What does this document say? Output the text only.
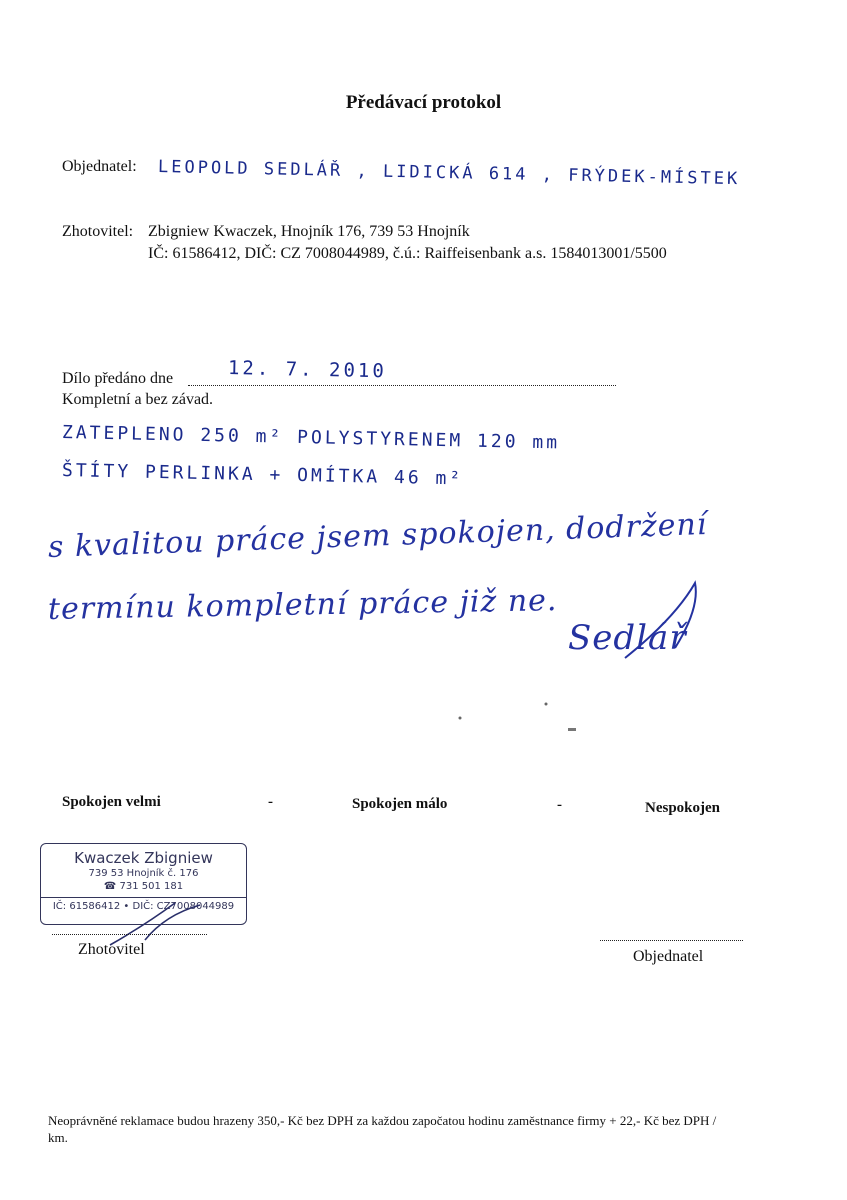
Předávací protokol
Objednatel: LEOPOLD SEDLÁŘ , LIDICKÁ 614 , FRÝDEK-MÍSTEK
Zhotovitel: Zbigniew Kwaczek, Hnojník 176, 739 53 Hnojník
IČ: 61586412, DIČ: CZ 7008044989, č.ú.: Raiffeisenbank a.s. 1584013001/5500
Dílo předáno dne	12. 7. 2010
Kompletní a bez závad.
ZATEPLENO 250 m² POLYSTYRENEM 120 mm
ŠTÍTY PERLINKA + OMÍTKA 46 m²
s kvalitou práce jsem spokojen, dodržení
termínu kompletní práce již ne.
Sedlář
Spokojen velmi	-	Spokojen málo	-	Nespokojen
Kwaczek Zbigniew
739 53 Hnojník č. 176
☎ 731 501 181
IČ: 61586412 • DIČ: CZ7008044989
Zhotovitel	Objednatel
Neoprávněné reklamace budou hrazeny 350,- Kč bez DPH za každou započatou hodinu zaměstnance firmy + 22,- Kč bez DPH / km.
